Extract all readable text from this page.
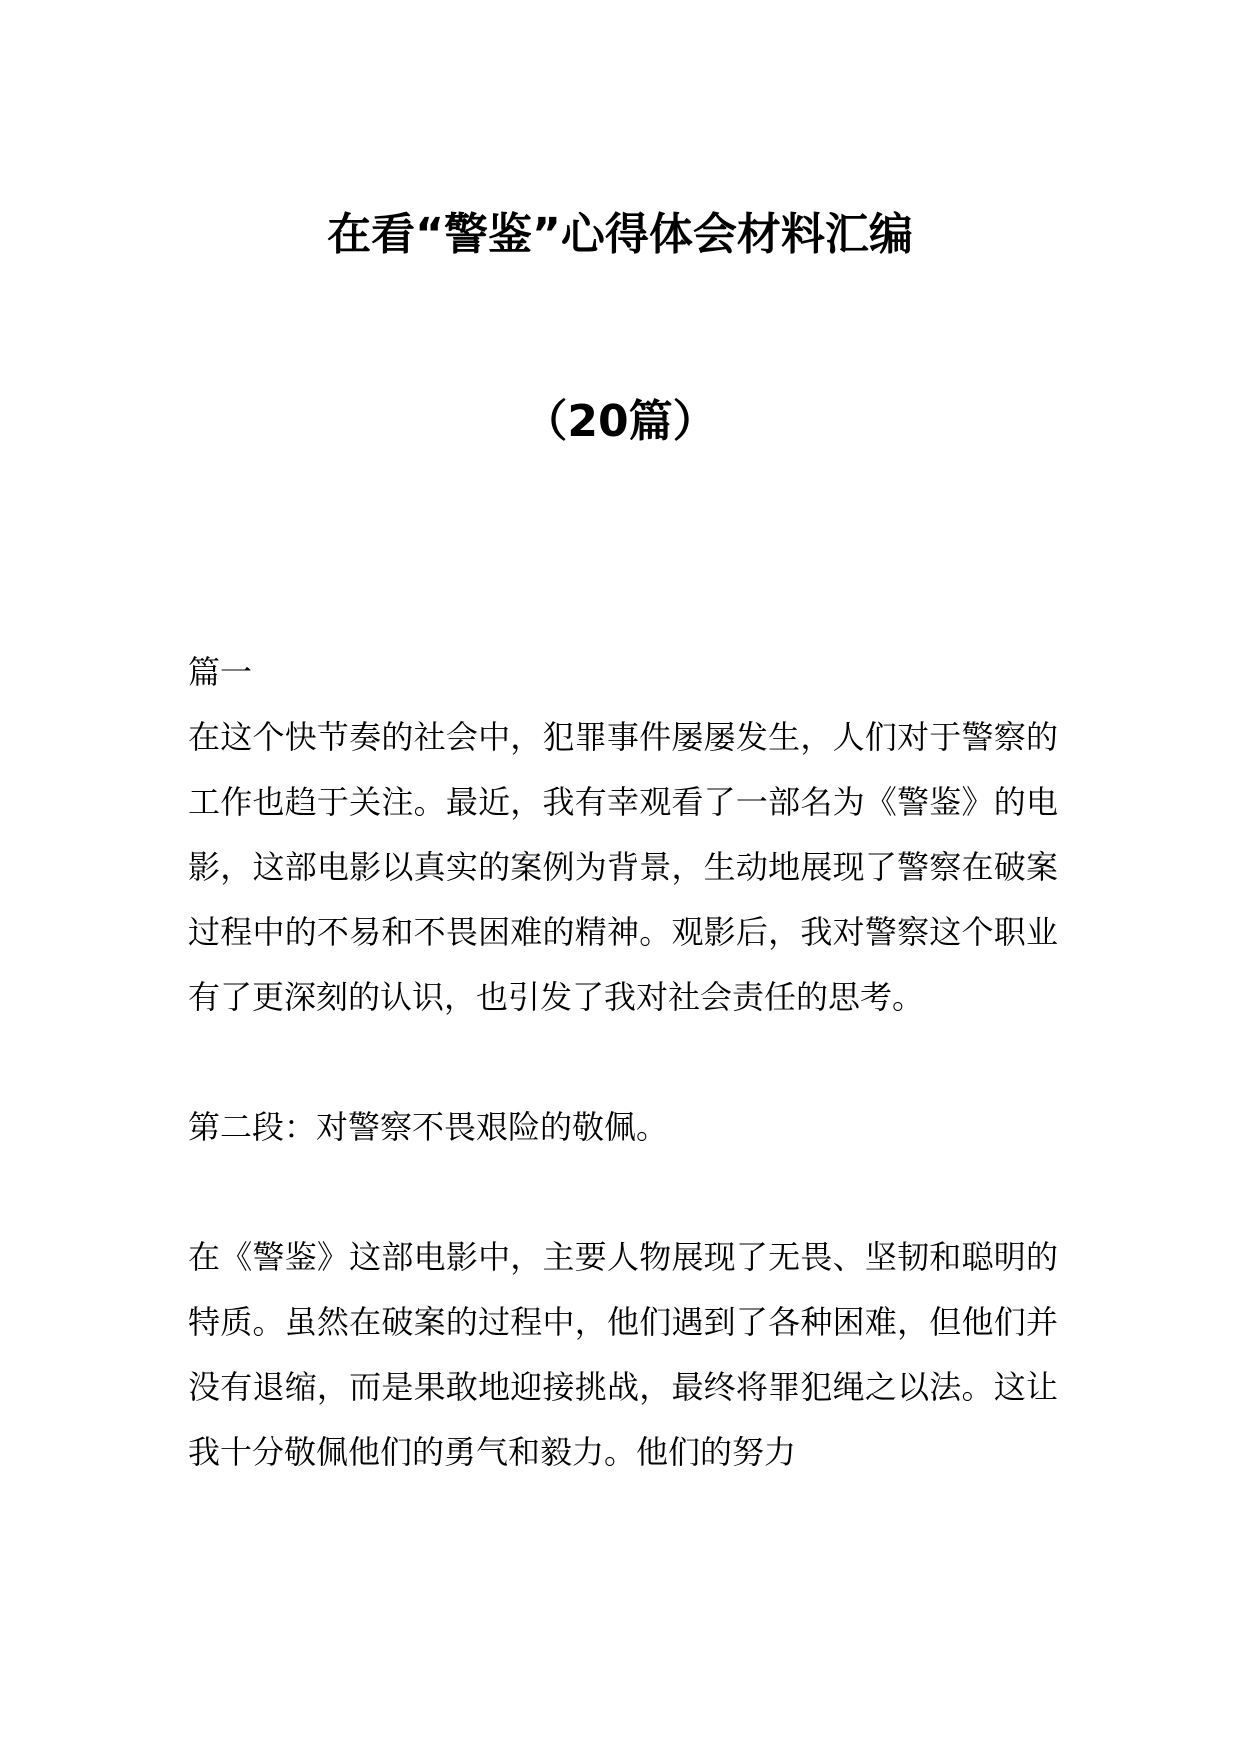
在看“警鉴”心得体会材料汇编
（20篇）

篇一

在这个快节奏的社会中，犯罪事件屡屡发生，人们对于警察的工作也趋于关注。最近，我有幸观看了一部名为《警鉴》的电影，这部电影以真实的案例为背景，生动地展现了警察在破案过程中的不易和不畏困难的精神。观影后，我对警察这个职业有了更深刻的认识，也引发了我对社会责任的思考。

第二段：对警察不畏艰险的敬佩。

在《警鉴》这部电影中，主要人物展现了无畏、坚韧和聪明的特质。虽然在破案的过程中，他们遇到了各种困难，但他们并没有退缩，而是果敢地迎接挑战，最终将罪犯绳之以法。这让我十分敬佩他们的勇气和毅力。他们的努力
